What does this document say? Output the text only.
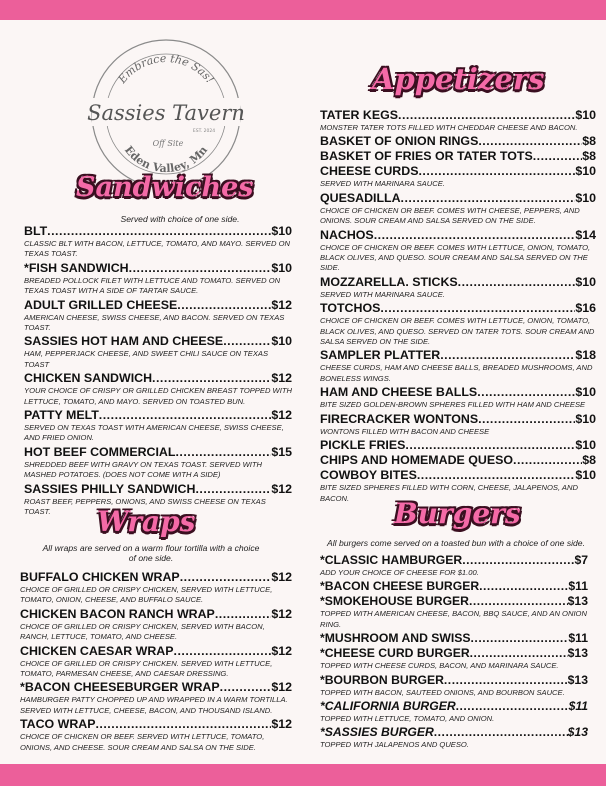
Embrace the Sas!
Eden Valley, Mn
Sassies Tavern
EST. 2024
Off Site
Appetizers
Sandwiches
Wraps	Burgers
Served with choice of one side.
All wraps are served on a warm flour tortilla with a choice of one side.
All burgers come served on a toasted bun with a choice of one side.
TATER KEGS .....	$10
MONSTER TATER TOTS FILLED WITH CHEDDAR CHEESE AND BACON.
BASKET OF ONION RINGS .....	$8
BASKET OF FRIES OR TATER TOTS .....	$8
CHEESE CURDS .....	$10
SERVED WITH MARINARA SAUCE.
QUESADILLA .....	$10
CHOICE OF CHICKEN OR BEEF. COMES WITH CHEESE, PEPPERS, AND ONIONS. SOUR CREAM AND SALSA SERVED ON THE SIDE.
NACHOS .....	$14
CHOICE OF CHICKEN OR BEEF. COMES WITH LETTUCE, ONION, TOMATO, BLACK OLIVES, AND QUESO. SOUR CREAM AND SALSA SERVED ON THE SIDE.
MOZZARELLA. STICKS .....	$10
SERVED WITH MARINARA SAUCE.
TOTCHOS .....	$16
CHOICE OF CHICKEN OR BEEF. COMES WITH LETTUCE, ONION, TOMATO, BLACK OLIVES, AND QUESO. SERVED ON TATER TOTS. SOUR CREAM AND SALSA SERVED ON THE SIDE.
SAMPLER PLATTER .....	$18
CHEESE CURDS, HAM AND CHEESE BALLS, BREADED MUSHROOMS, AND BONELESS WINGS.
HAM AND CHEESE BALLS .....	$10
BITE SIZED GOLDEN-BROWN SPHERES FILLED WITH HAM AND CHEESE
FIRECRACKER WONTONS .....	$10
WONTONS FILLED WITH BACON AND CHEESE
PICKLE FRIES .....	$10
CHIPS AND HOMEMADE QUESO .....	$8
COWBOY BITES .....	$10
BITE SIZED SPHERES FILLED WITH CORN, CHEESE, JALAPENOS, AND BACON.
BLT .....	$10
CLASSIC BLT WITH BACON, LETTUCE, TOMATO, AND MAYO. SERVED ON TEXAS TOAST.
*FISH SANDWICH .....	$10
BREADED POLLOCK FILET WITH LETTUCE AND TOMATO. SERVED ON TEXAS TOAST WITH A SIDE OF TARTAR SAUCE.
ADULT GRILLED CHEESE .....	$12
AMERICAN CHEESE, SWISS CHEESE, AND BACON. SERVED ON TEXAS TOAST.
SASSIES HOT HAM AND CHEESE .....	$10
HAM, PEPPERJACK CHEESE, AND SWEET CHILI SAUCE ON TEXAS TOAST
CHICKEN SANDWICH .....	$12
YOUR CHOICE OF CRISPY OR GRILLED CHICKEN BREAST TOPPED WITH LETTUCE, TOMATO, AND MAYO. SERVED ON TOASTED BUN.
PATTY MELT .....	$12
SERVED ON TEXAS TOAST WITH AMERICAN CHEESE, SWISS CHEESE, AND FRIED ONION.
HOT BEEF COMMERCIAL .....	$15
SHREDDED BEEF WITH GRAVY ON TEXAS TOAST. SERVED WITH MASHED POTATOES. (DOES NOT COME WITH A SIDE)
SASSIES PHILLY SANDWICH .....	$12
ROAST BEEF, PEPPERS, ONIONS, AND SWISS CHEESE ON TEXAS TOAST.
BUFFALO CHICKEN WRAP .....	$12
CHOICE OF GRILLED OR CRISPY CHICKEN, SERVED WITH LETTUCE, TOMATO, ONION, CHEESE, AND BUFFALO SAUCE.
CHICKEN BACON RANCH WRAP .....	$12
CHOICE OF GRILLED OR CRISPY CHICKEN, SERVED WITH BACON, RANCH, LETTUCE, TOMATO, AND CHEESE.
CHICKEN CAESAR WRAP .....	$12
CHOICE OF GRILLED OR CRISPY CHICKEN. SERVED WITH LETTUCE, TOMATO, PARMESAN CHEESE, AND CAESAR DRESSING.
*BACON CHEESEBURGER WRAP .....	$12
HAMBURGER PATTY CHOPPED UP AND WRAPPED IN A WARM TORTILLA. SERVED WITH LETTUCE, CHEESE, BACON, AND THOUSAND ISLAND.
TACO WRAP .....	$12
CHOICE OF CHICKEN OR BEEF. SERVED WITH LETTUCE, TOMATO, ONIONS, AND CHEESE. SOUR CREAM AND SALSA ON THE SIDE.
*CLASSIC HAMBURGER .....	$7
ADD YOUR CHOICE OF CHEESE FOR $1.00.
*BACON CHEESE BURGER .....	$11
*SMOKEHOUSE BURGER .....	$13
TOPPED WITH AMERICAN CHEESE, BACON, BBQ SAUCE, AND AN ONION RING.
*MUSHROOM AND SWISS .....	$11
*CHEESE CURD BURGER .....	$13
TOPPED WITH CHEESE CURDS, BACON, AND MARINARA SAUCE.
*BOURBON BURGER .....	$13
TOPPED WITH BACON, SAUTEED ONIONS, AND BOURBON SAUCE.
*CALIFORNIA BURGER .....	$11
TOPPED WITH LETTUCE, TOMATO, AND ONION.
*SASSIES BURGER .....	$13
TOPPED WITH JALAPENOS AND QUESO.
